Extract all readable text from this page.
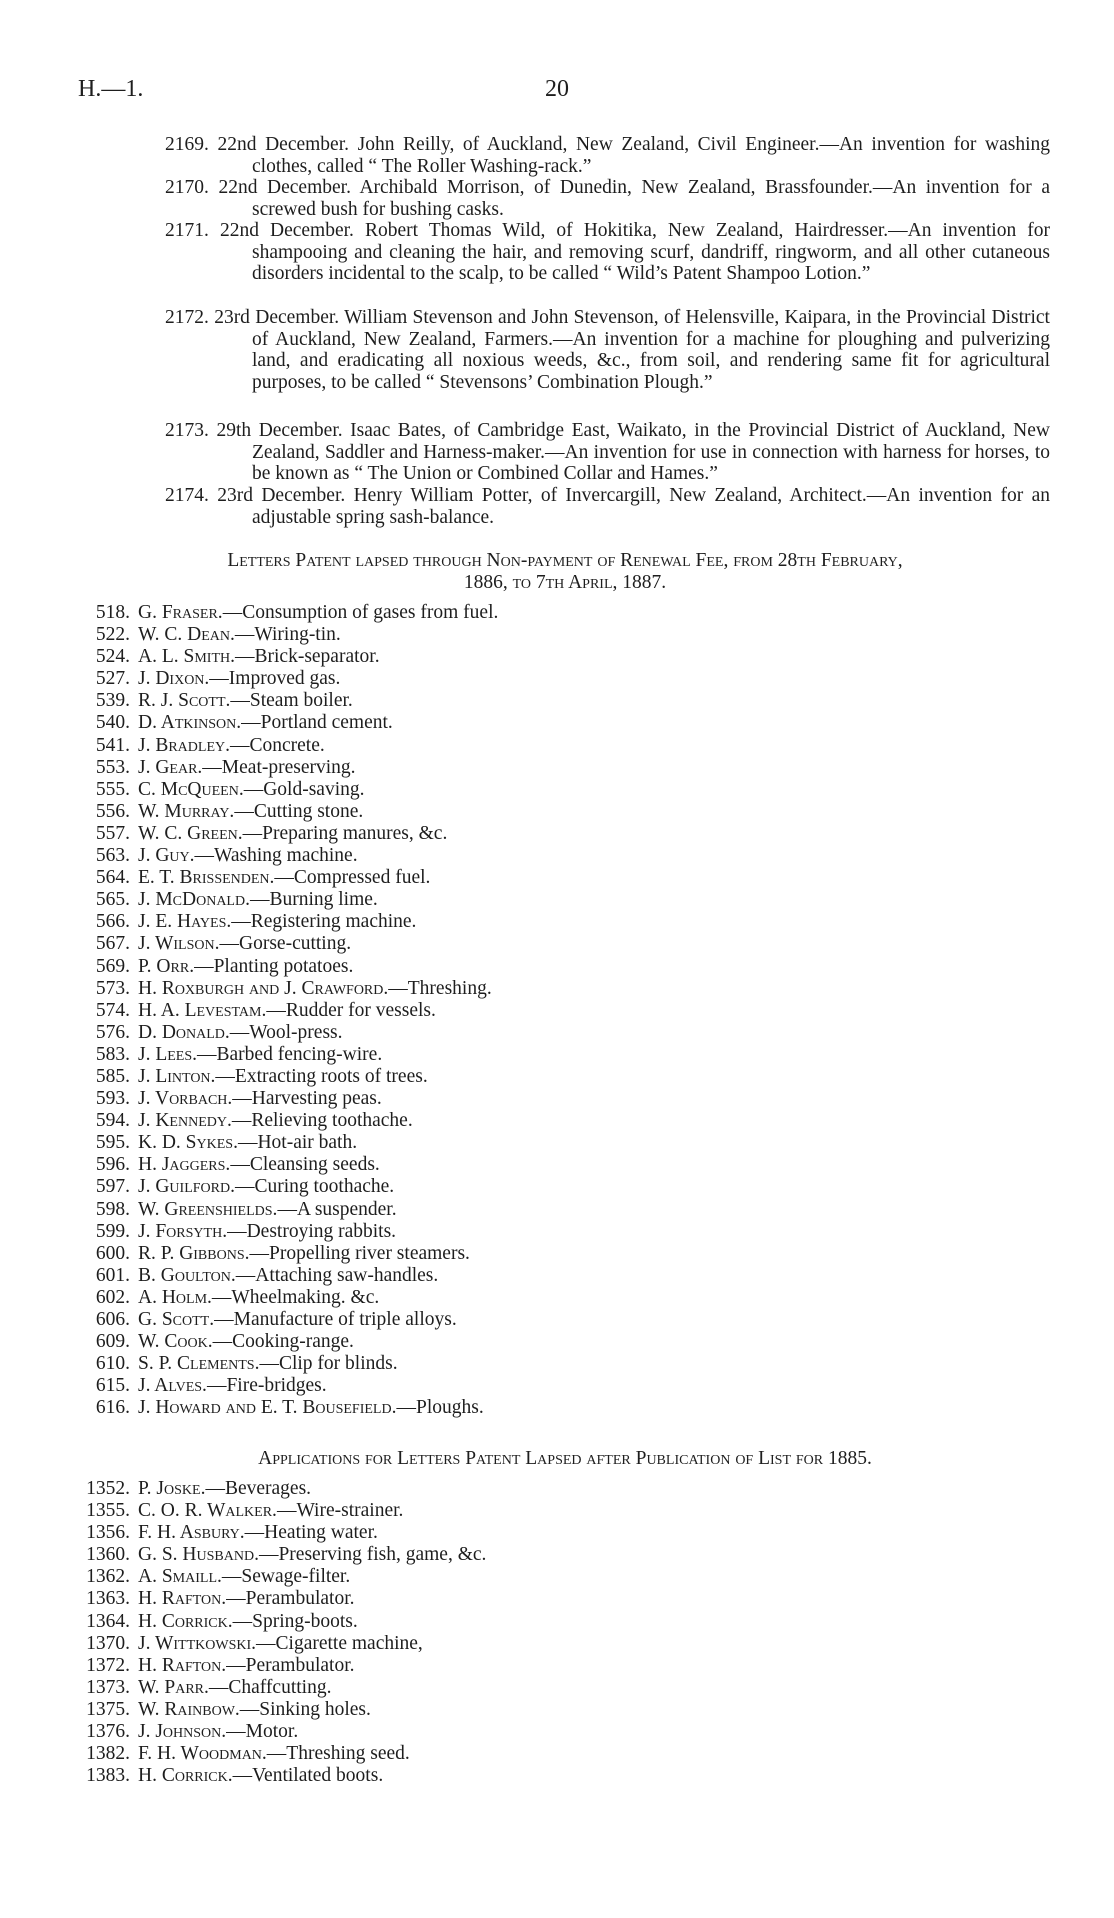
H.—1.	20
2169. 22nd December. John Reilly, of Auckland, New Zealand, Civil Engineer.—An invention for washing clothes, called “ The Roller Washing-rack.”
2170. 22nd December. Archibald Morrison, of Dunedin, New Zealand, Brassfounder.—An invention for a screwed bush for bushing casks.
2171. 22nd December. Robert Thomas Wild, of Hokitika, New Zealand, Hairdresser.—An invention for shampooing and cleaning the hair, and removing scurf, dandriff, ringworm, and all other cutaneous disorders incidental to the scalp, to be called “ Wild’s Patent Shampoo Lotion.”
2172. 23rd December. William Stevenson and John Stevenson, of Helensville, Kaipara, in the Provincial District of Auckland, New Zealand, Farmers.—An invention for a machine for ploughing and pulverizing land, and eradicating all noxious weeds, &c., from soil, and rendering same fit for agricultural purposes, to be called “ Stevensons’ Combination Plough.”
2173. 29th December. Isaac Bates, of Cambridge East, Waikato, in the Provincial District of Auckland, New Zealand, Saddler and Harness-maker.—An invention for use in connection with harness for horses, to be known as “ The Union or Combined Collar and Hames.”
2174. 23rd December. Henry William Potter, of Invercargill, New Zealand, Architect.—An invention for an adjustable spring sash-balance.
Letters Patent lapsed through Non-payment of Renewal Fee, from 28th February,
1886, to 7th April, 1887.
518. G. Fraser.—Consumption of gases from fuel.
522. W. C. Dean.—Wiring-tin.
524. A. L. Smith.—Brick-separator.
527. J. Dixon.—Improved gas.
539. R. J. Scott.—Steam boiler.
540. D. Atkinson.—Portland cement.
541. J. Bradley.—Concrete.
553. J. Gear.—Meat-preserving.
555. C. McQueen.—Gold-saving.
556. W. Murray.—Cutting stone.
557. W. C. Green.—Preparing manures, &c.
563. J. Guy.—Washing machine.
564. E. T. Brissenden.—Compressed fuel.
565. J. McDonald.—Burning lime.
566. J. E. Hayes.—Registering machine.
567. J. Wilson.—Gorse-cutting.
569. P. Orr.—Planting potatoes.
573. H. Roxburgh and J. Crawford.—Threshing.
574. H. A. Levestam.—Rudder for vessels.
576. D. Donald.—Wool-press.
583. J. Lees.—Barbed fencing-wire.
585. J. Linton.—Extracting roots of trees.
593. J. Vorbach.—Harvesting peas.
594. J. Kennedy.—Relieving toothache.
595. K. D. Sykes.—Hot-air bath.
596. H. Jaggers.—Cleansing seeds.
597. J. Guilford.—Curing toothache.
598. W. Greenshields.—A suspender.
599. J. Forsyth.—Destroying rabbits.
600. R. P. Gibbons.—Propelling river steamers.
601. B. Goulton.—Attaching saw-handles.
602. A. Holm.—Wheelmaking. &c.
606. G. Scott.—Manufacture of triple alloys.
609. W. Cook.—Cooking-range.
610. S. P. Clements.—Clip for blinds.
615. J. Alves.—Fire-bridges.
616. J. Howard and E. T. Bousefield.—Ploughs.
Applications for Letters Patent Lapsed after Publication of List for 1885.
1352. P. Joske.—Beverages.
1355. C. O. R. Walker.—Wire-strainer.
1356. F. H. Asbury.—Heating water.
1360. G. S. Husband.—Preserving fish, game, &c.
1362. A. Smaill.—Sewage-filter.
1363. H. Rafton.—Perambulator.
1364. H. Corrick.—Spring-boots.
1370. J. Wittkowski.—Cigarette machine,
1372. H. Rafton.—Perambulator.
1373. W. Parr.—Chaffcutting.
1375. W. Rainbow.—Sinking holes.
1376. J. Johnson.—Motor.
1382. F. H. Woodman.—Threshing seed.
1383. H. Corrick.—Ventilated boots.
